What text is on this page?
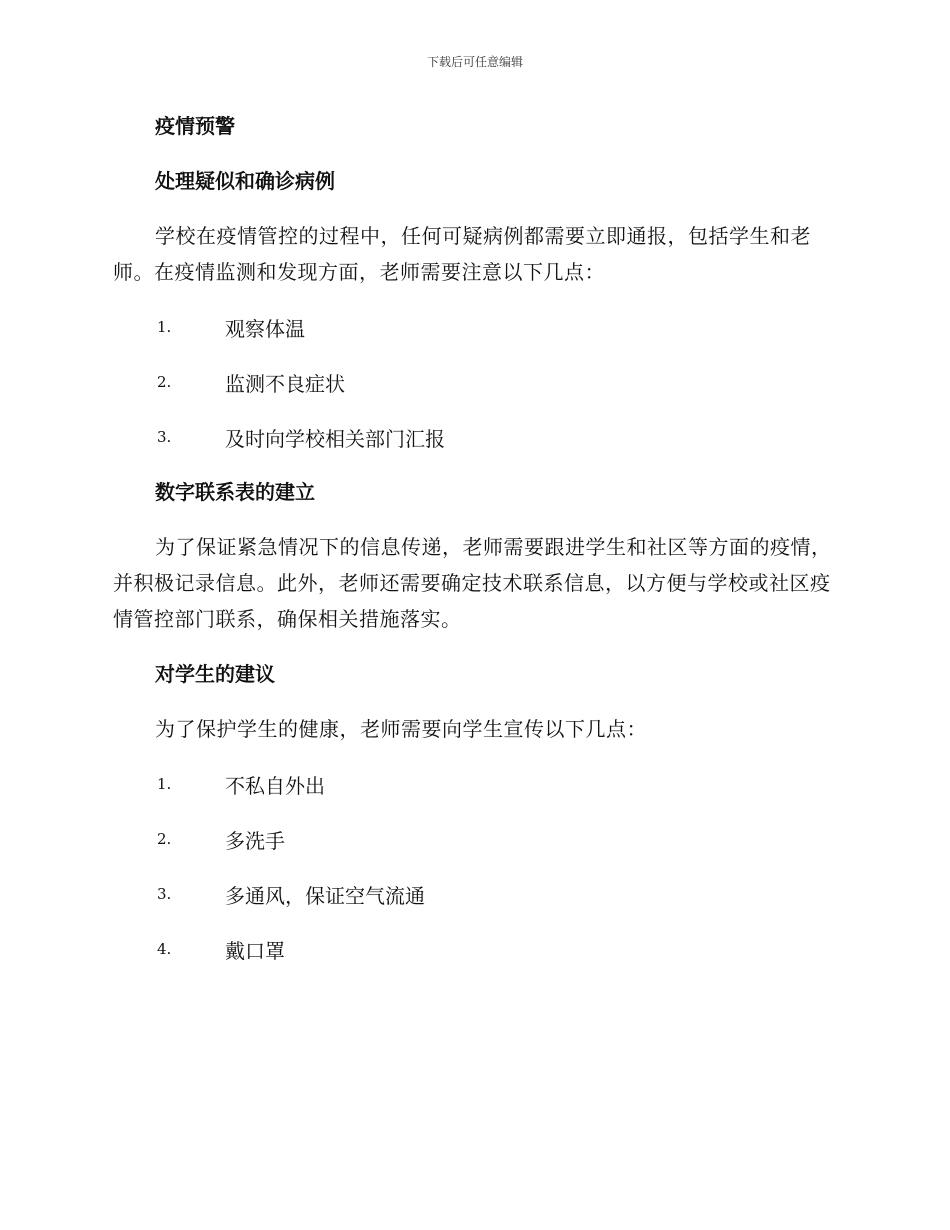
下载后可任意编辑
疫情预警
处理疑似和确诊病例
学校在疫情管控的过程中，任何可疑病例都需要立即通报，包括学生和老师。在疫情监测和发现方面，老师需要注意以下几点：
1.	观察体温
2.	监测不良症状
3.	及时向学校相关部门汇报
数字联系表的建立
为了保证紧急情况下的信息传递，老师需要跟进学生和社区等方面的疫情，并积极记录信息。此外，老师还需要确定技术联系信息，以方便与学校或社区疫情管控部门联系，确保相关措施落实。
对学生的建议
为了保护学生的健康，老师需要向学生宣传以下几点：
1.	不私自外出
2.	多洗手
3.	多通风，保证空气流通
4.	戴口罩
